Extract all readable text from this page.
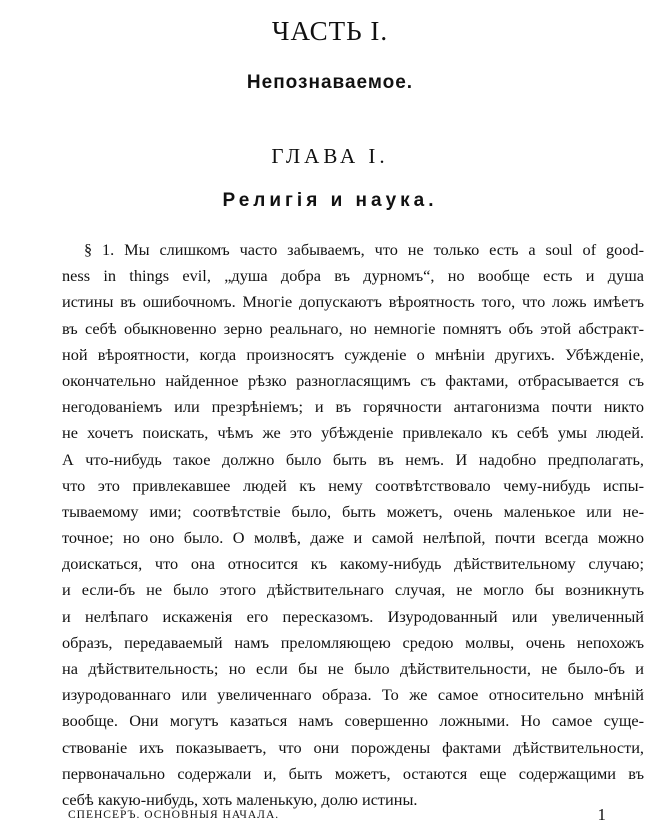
ЧАСТЬ I.
Непознаваемое.
ГЛАВА I.
Религія и наука.
§ 1. Мы слишкомъ часто забываемъ, что не только есть a soul of good-
ness in things evil, „душа добра въ дурномъ“, но вообще есть и душа
истины въ ошибочномъ. Многіе допускаютъ вѣроятность того, что ложь имѣетъ
въ себѣ обыкновенно зерно реальнаго, но немногіе помнятъ объ этой абстракт-
ной вѣроятности, когда произносятъ сужденіе о мнѣніи другихъ. Убѣжденіе,
окончательно найденное рѣзко разногласящимъ съ фактами, отбрасывается съ
негодованіемъ или презрѣніемъ; и въ горячности антагонизма почти никто
не хочетъ поискать, чѣмъ же это убѣжденіе привлекало къ себѣ умы людей.
А что-нибудь такое должно было быть въ немъ. И надобно предполагать,
что это привлекавшее людей къ нему соотвѣтствовало чему-нибудь испы-
тываемому ими; соотвѣтствіе было, быть можетъ, очень маленькое или не-
точное; но оно было. О молвѣ, даже и самой нелѣпой, почти всегда можно
доискаться, что она относится къ какому-нибудь дѣйствительному случаю;
и если-бъ не было этого дѣйствительнаго случая, не могло бы возникнуть
и нелѣпаго искаженія его пересказомъ. Изуродованный или увеличенный
образъ, передаваемый намъ преломляющею средою молвы, очень непохожъ
на дѣйствительность; но если бы не было дѣйствительности, не было-бъ и
изуродованнаго или увеличеннаго образа. То же самое относительно мнѣній
вообще. Они могутъ казаться намъ совершенно ложными. Но самое суще-
ствованіе ихъ показываетъ, что они порождены фактами дѣйствительности,
первоначально содержали и, быть можетъ, остаются еще содержащими въ
себѣ какую-нибудь, хоть маленькую, долю истины.
СПЕНСЕРЪ. ОСНОВНЫЯ НАЧАЛА.	1
